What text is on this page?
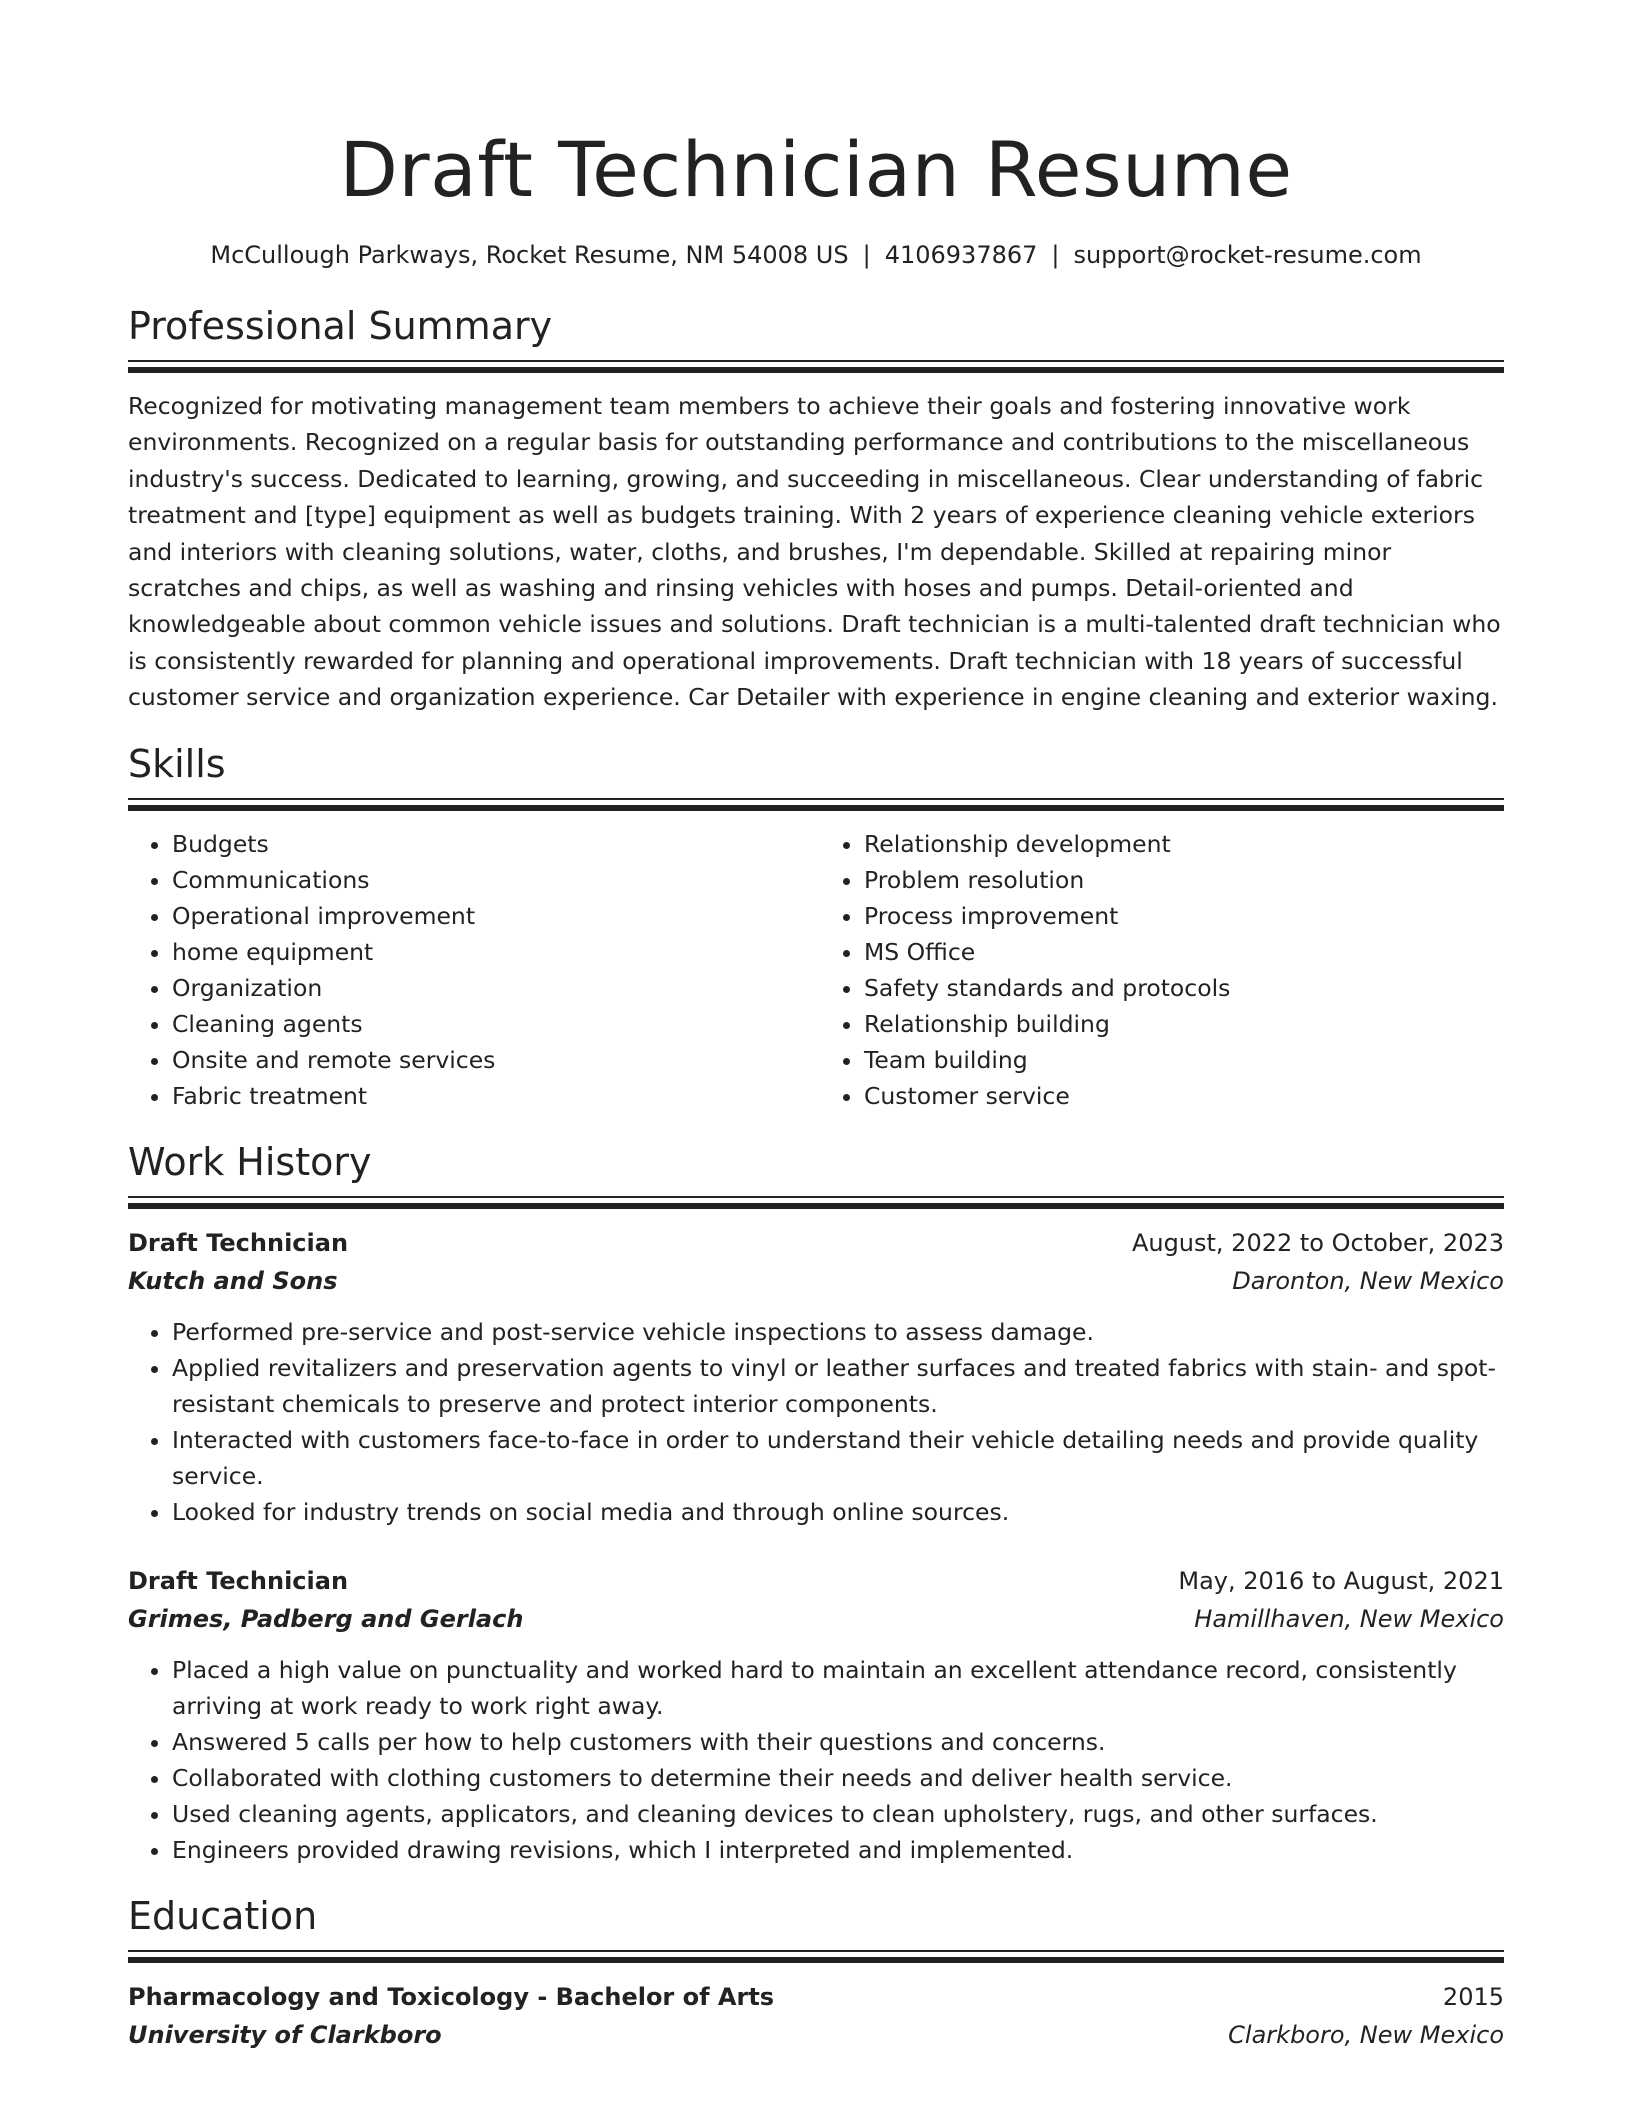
Draft Technician Resume
McCullough Parkways, Rocket Resume, NM 54008 US | 4106937867 | support@rocket-resume.com
Professional Summary

Recognized for motivating management team members to achieve their goals and fostering innovative work environments. Recognized on a regular basis for outstanding performance and contributions to the miscellaneous industry's success. Dedicated to learning, growing, and succeeding in miscellaneous. Clear understanding of fabric treatment and [type] equipment as well as budgets training. With 2 years of experience cleaning vehicle exteriors and interiors with cleaning solutions, water, cloths, and brushes, I'm dependable. Skilled at repairing minor scratches and chips, as well as washing and rinsing vehicles with hoses and pumps. Detail-oriented and knowledgeable about common vehicle issues and solutions. Draft technician is a multi-talented draft technician who is consistently rewarded for planning and operational improvements. Draft technician with 18 years of successful customer service and organization experience. Car Detailer with experience in engine cleaning and exterior waxing.

Skills
• Budgets
• Communications
• Operational improvement
• home equipment
• Organization
• Cleaning agents
• Onsite and remote services
• Fabric treatment
• Relationship development
• Problem resolution
• Process improvement
• MS Office
• Safety standards and protocols
• Relationship building
• Team building
• Customer service
Work History
Draft Technician	August, 2022 to October, 2023
Kutch and Sons	Daronton, New Mexico
• Performed pre-service and post-service vehicle inspections to assess damage.
• Applied revitalizers and preservation agents to vinyl or leather surfaces and treated fabrics with stain- and spot-resistant chemicals to preserve and protect interior components.
• Interacted with customers face-to-face in order to understand their vehicle detailing needs and provide quality service.
• Looked for industry trends on social media and through online sources.
Draft Technician	May, 2016 to August, 2021
Grimes, Padberg and Gerlach	Hamillhaven, New Mexico
• Placed a high value on punctuality and worked hard to maintain an excellent attendance record, consistently arriving at work ready to work right away.
• Answered 5 calls per how to help customers with their questions and concerns.
• Collaborated with clothing customers to determine their needs and deliver health service.
• Used cleaning agents, applicators, and cleaning devices to clean upholstery, rugs, and other surfaces.
• Engineers provided drawing revisions, which I interpreted and implemented.
Education
Pharmacology and Toxicology - Bachelor of Arts	2015
University of Clarkboro	Clarkboro, New Mexico
